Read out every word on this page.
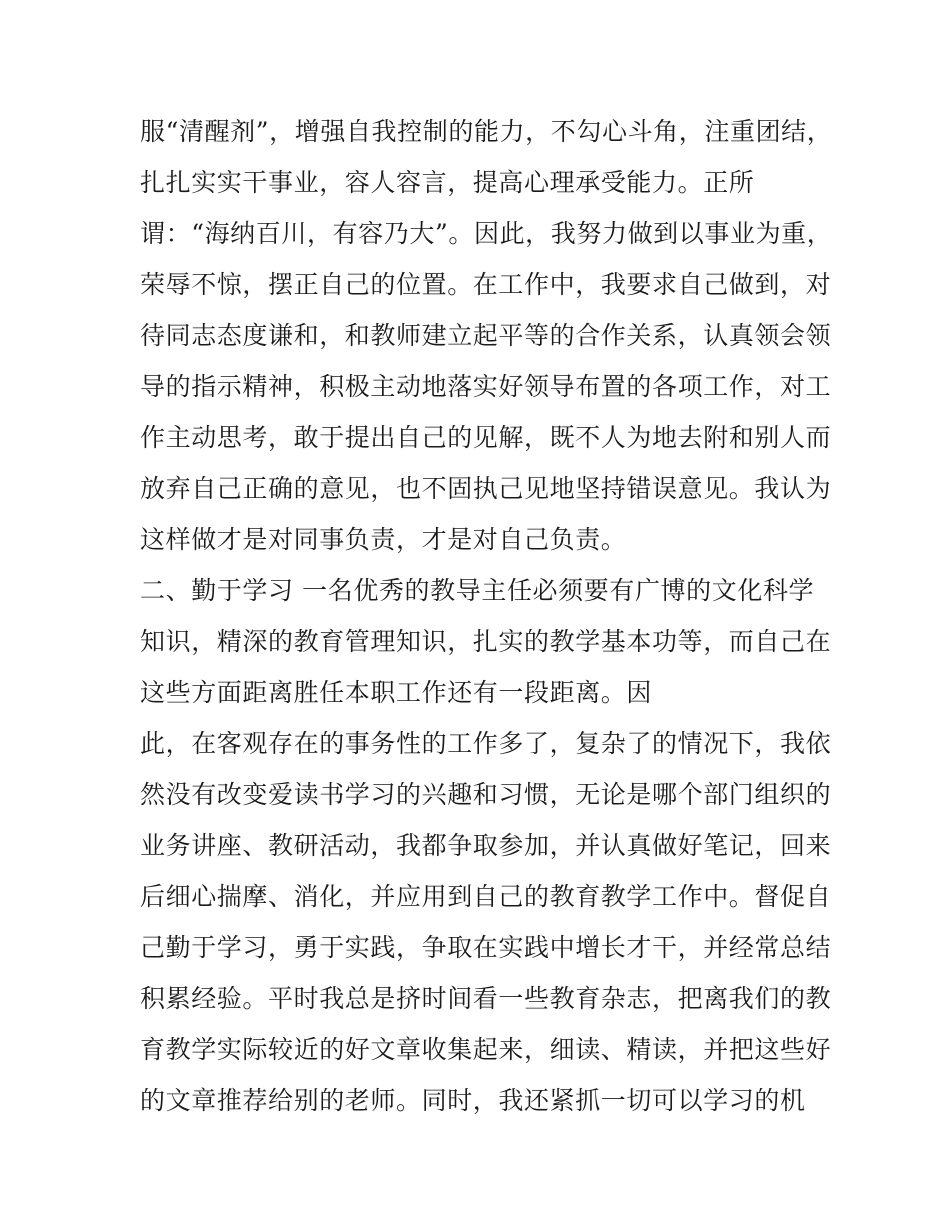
服“清醒剂”，增强自我控制的能力，不勾心斗角，注重团结，
扎扎实实干事业，容人容言，提高心理承受能力。正所
谓：“海纳百川，有容乃大”。因此，我努力做到以事业为重，
荣辱不惊，摆正自己的位置。在工作中，我要求自己做到，对
待同志态度谦和，和教师建立起平等的合作关系，认真领会领
导的指示精神，积极主动地落实好领导布置的各项工作，对工
作主动思考，敢于提出自己的见解，既不人为地去附和别人而
放弃自己正确的意见，也不固执己见地坚持错误意见。我认为
这样做才是对同事负责，才是对自己负责。
二、勤于学习 一名优秀的教导主任必须要有广博的文化科学
知识，精深的教育管理知识，扎实的教学基本功等，而自己在
这些方面距离胜任本职工作还有一段距离。因
此，在客观存在的事务性的工作多了，复杂了的情况下，我依
然没有改变爱读书学习的兴趣和习惯，无论是哪个部门组织的
业务讲座、教研活动，我都争取参加，并认真做好笔记，回来
后细心揣摩、消化，并应用到自己的教育教学工作中。督促自
己勤于学习，勇于实践，争取在实践中增长才干，并经常总结
积累经验。平时我总是挤时间看一些教育杂志，把离我们的教
育教学实际较近的好文章收集起来，细读、精读，并把这些好
的文章推荐给别的老师。同时，我还紧抓一切可以学习的机
